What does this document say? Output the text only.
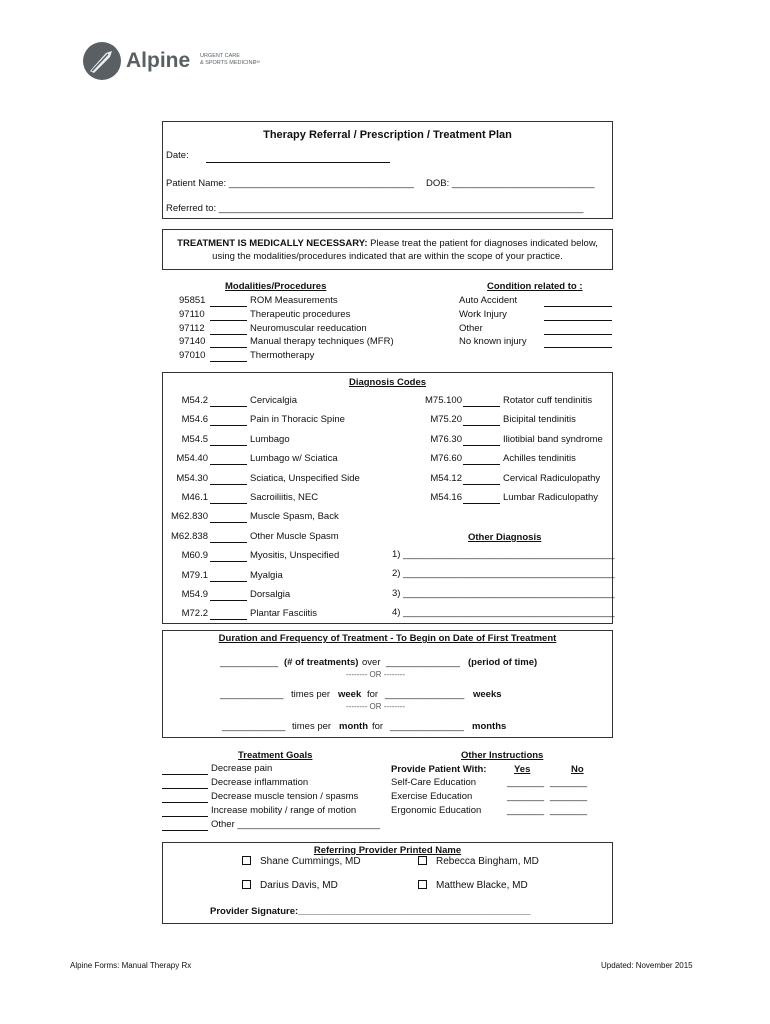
Alpine URGENT CARE
& SPORTS MEDICINE
TM
Therapy Referral / Prescription / Treatment Plan
Date:
Patient Name: ___________________________________ DOB: ___________________________
Referred to: _____________________________________________________________________
TREATMENT IS MEDICALLY NECESSARY: Please treat the patient for diagnoses indicated below,
using the modalities/procedures indicated that are within the scope of your practice.
Modalities/Procedures
95851	ROM Measurements
97110	Therapeutic procedures
97112	Neuromuscular reeducation
97140	Manual therapy techniques (MFR)
97010	Thermotherapy
Condition related to :
Auto Accident
Work Injury
Other
No known injury
Diagnosis Codes
M54.2	Cervicalgia
M54.6	Pain in Thoracic Spine
M54.5	Lumbago
M54.40	Lumbago w/ Sciatica
M54.30	Sciatica, Unspecified Side
M46.1	Sacroiliitis, NEC
M62.830	Muscle Spasm, Back
M62.838	Other Muscle Spasm
M60.9	Myositis, Unspecified
M79.1	Myalgia
M54.9	Dorsalgia
M72.2	Plantar Fasciitis
M75.100	Rotator cuff tendinitis
M75.20	Bicipital tendinitis
M76.30	Iliotibial band syndrome
M76.60	Achilles tendinitis
M54.12	Cervical Radiculopathy
M54.16	Lumbar Radiculopathy
Other Diagnosis
1) ________________________________________
2) ________________________________________
3) ________________________________________
4) ________________________________________
Duration and Frequency of Treatment - To Begin on Date of First Treatment
___________ (# of treatments) over ______________ (period of time)
-------- OR --------
____________ times per week for _______________ weeks
-------- OR --------
____________ times per month for ______________ months
Treatment Goals
Decrease pain
Decrease inflammation
Decrease muscle tension / spasms
Increase mobility / range of motion
Other ___________________________
Other Instructions
Provide Patient With:	Yes	No
Self-Care Education	_______ _______
Exercise Education	_______ _______
Ergonomic Education	_______ _______
Referring Provider Printed Name
Shane Cummings, MD	Rebecca Bingham, MD
Darius Davis, MD	Matthew Blacke, MD
Provider Signature:____________________________________________
Alpine Forms: Manual Therapy Rx	Updated: November 2015
